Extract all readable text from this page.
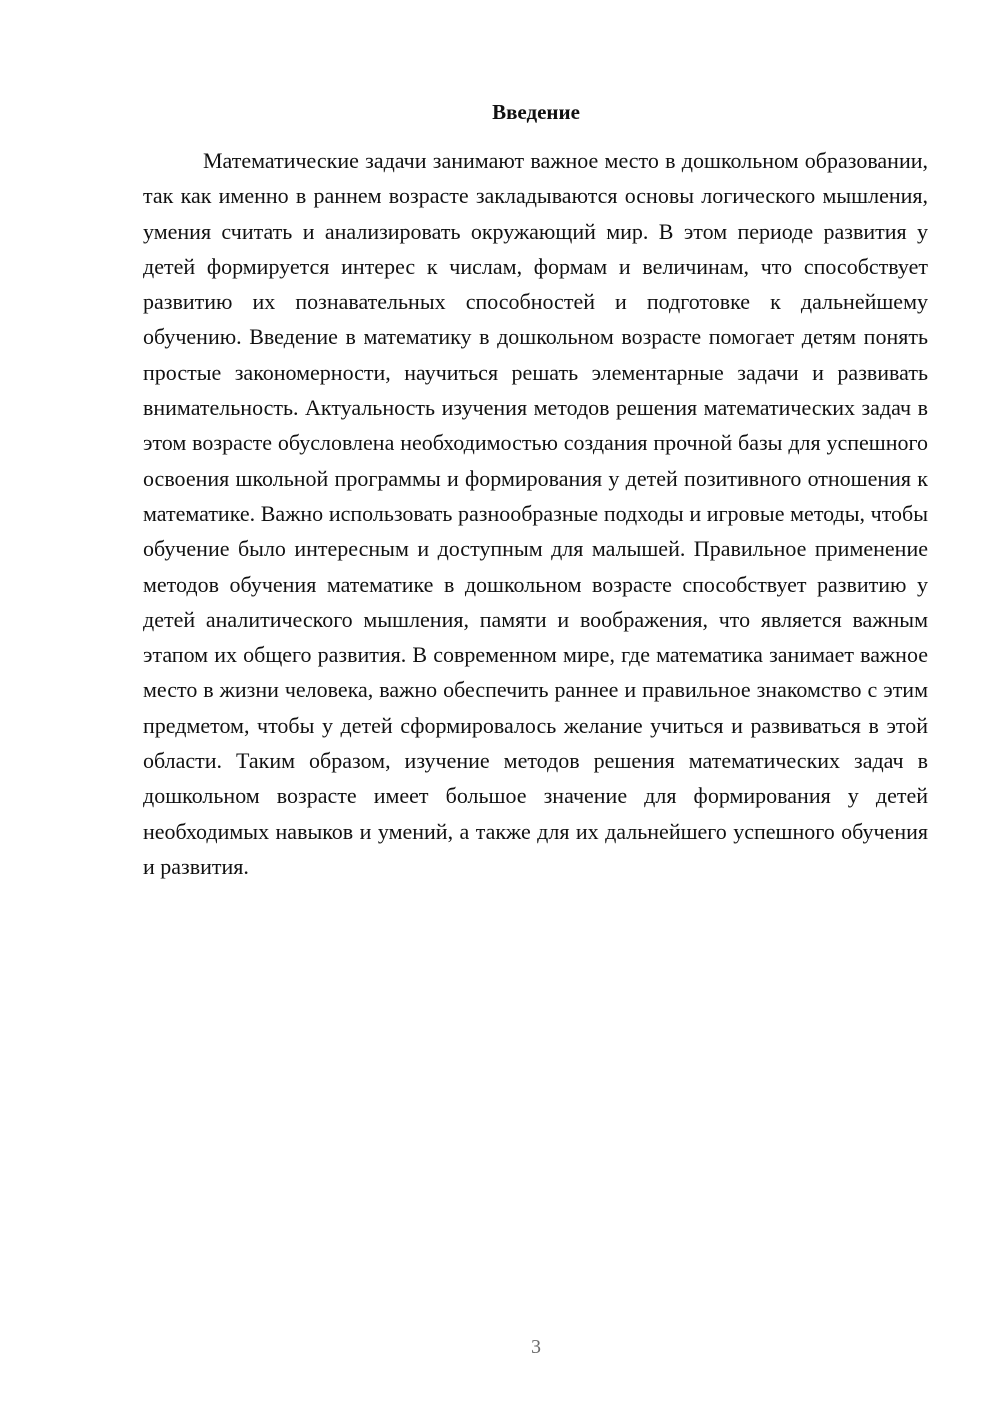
Введение

Математические задачи занимают важное место в дошкольном образовании, так как именно в раннем возрасте закладываются основы логического мышления, умения считать и анализировать окружающий мир. В этом периоде развития у детей формируется интерес к числам, формам и величинам, что способствует развитию их познавательных способностей и подготовке к дальнейшему обучению. Введение в математику в дошкольном возрасте помогает детям понять простые закономерности, научиться решать элементарные задачи и развивать внимательность. Актуальность изучения методов решения математических задач в этом возрасте обусловлена необходимостью создания прочной базы для успешного освоения школьной программы и формирования у детей позитивного отношения к математике. Важно использовать разнообразные подходы и игровые методы, чтобы обучение было интересным и доступным для малышей. Правильное применение методов обучения математике в дошкольном возрасте способствует развитию у детей аналитического мышления, памяти и воображения, что является важным этапом их общего развития. В современном мире, где математика занимает важное место в жизни человека, важно обеспечить раннее и правильное знакомство с этим предметом, чтобы у детей сформировалось желание учиться и развиваться в этой области. Таким образом, изучение методов решения математических задач в дошкольном возрасте имеет большое значение для формирования у детей необходимых навыков и умений, а также для их дальнейшего успешного обучения и развития.

3
